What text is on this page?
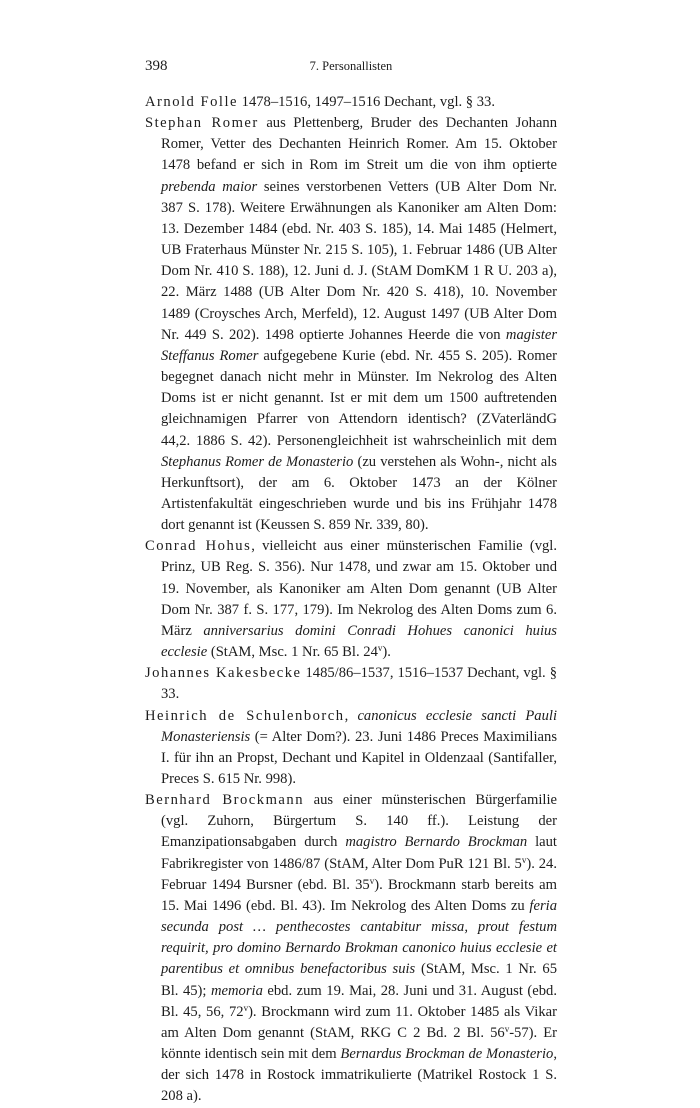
398	7. Personallisten

Arnold Folle 1478–1516, 1497–1516 Dechant, vgl. § 33.

Stephan Romer aus Plettenberg, Bruder des Dechanten Johann Romer, Vetter des Dechanten Heinrich Romer. Am 15. Oktober 1478 befand er sich in Rom im Streit um die von ihm optierte prebenda maior seines verstorbenen Vetters (UB Alter Dom Nr. 387 S. 178). Weitere Erwähnungen als Kanoniker am Alten Dom: 13. Dezember 1484 (ebd. Nr. 403 S. 185), 14. Mai 1485 (Helmert, UB Fraterhaus Münster Nr. 215 S. 105), 1. Februar 1486 (UB Alter Dom Nr. 410 S. 188), 12. Juni d. J. (StAM DomKM 1 R U. 203 a), 22. März 1488 (UB Alter Dom Nr. 420 S. 418), 10. November 1489 (Croysches Arch, Merfeld), 12. August 1497 (UB Alter Dom Nr. 449 S. 202). 1498 optierte Johannes Heerde die von magister Steffanus Romer aufgegebene Kurie (ebd. Nr. 455 S. 205). Romer begegnet danach nicht mehr in Münster. Im Nekrolog des Alten Doms ist er nicht genannt. Ist er mit dem um 1500 auftretenden gleichnamigen Pfarrer von Attendorn identisch? (ZVaterländG 44,2. 1886 S. 42). Personengleichheit ist wahrscheinlich mit dem Stephanus Romer de Monasterio (zu verstehen als Wohn-, nicht als Herkunftsort), der am 6. Oktober 1473 an der Kölner Artistenfakultät eingeschrieben wurde und bis ins Frühjahr 1478 dort genannt ist (Keussen S. 859 Nr. 339, 80).

Conrad Hohus, vielleicht aus einer münsterischen Familie (vgl. Prinz, UB Reg. S. 356). Nur 1478, und zwar am 15. Oktober und 19. November, als Kanoniker am Alten Dom genannt (UB Alter Dom Nr. 387 f. S. 177, 179). Im Nekrolog des Alten Doms zum 6. März anniversarius domini Conradi Hohues canonici huius ecclesie (StAM, Msc. 1 Nr. 65 Bl. 24$^v$).

Johannes Kakesbecke 1485/86–1537, 1516–1537 Dechant, vgl. § 33.

Heinrich de Schulenborch, canonicus ecclesie sancti Pauli Monasteriensis (= Alter Dom?). 23. Juni 1486 Preces Maximilians I. für ihn an Propst, Dechant und Kapitel in Oldenzaal (Santifaller, Preces S. 615 Nr. 998).

Bernhard Brockmann aus einer münsterischen Bürgerfamilie (vgl. Zuhorn, Bürgertum S. 140 ff.). Leistung der Emanzipationsabgaben durch magistro Bernardo Brockman laut Fabrikregister von 1486/87 (StAM, Alter Dom PuR 121 Bl. 5$^v$). 24. Februar 1494 Bursner (ebd. Bl. 35$^v$). Brockmann starb bereits am 15. Mai 1496 (ebd. Bl. 43). Im Nekrolog des Alten Doms zu feria secunda post … penthecostes cantabitur missa, prout festum requirit, pro domino Bernardo Brokman canonico huius ecclesie et parentibus et omnibus benefactoribus suis (StAM, Msc. 1 Nr. 65 Bl. 45); memoria ebd. zum 19. Mai, 28. Juni und 31. August (ebd. Bl. 45, 56, 72$^v$). Brockmann wird zum 11. Oktober 1485 als Vikar am Alten Dom genannt (StAM, RKG C 2 Bd. 2 Bl. 56$^v$-57). Er könnte identisch sein mit dem Bernardus Brockman de Monasterio, der sich 1478 in Rostock immatrikulierte (Matrikel Rostock 1 S. 208 a).
